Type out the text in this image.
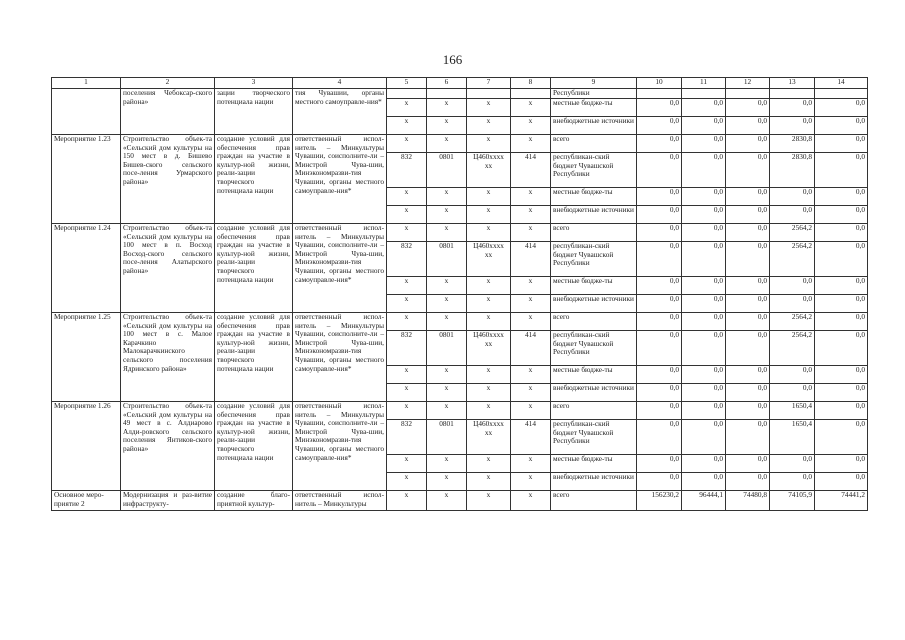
166
1	2	3	4	5	6	7	8	9	10	11	12	13	14
	поселения Чебоксар-ского района»	зации творческого потенциала нации	тия Чувашии, органы местного самоуправле-ния*					Республики					
				x	x	x	x	местные бюдже-ты	0,0	0,0	0,0	0,0	0,0
				x	x	x	x	внебюджетные источники	0,0	0,0	0,0	0,0	0,0
Мероприятие 1.23	Строительство объек-та «Сельский дом культуры на 150 мест в д. Бишево Бишев-ского сельского посе-ления Урмарского района»	создание условий для обеспечения прав граждан на участие в культур-ной жизни, реали-зации творческого потенциала нации	ответственный испол-нитель – Минкультуры Чувашии, соисполните-ли – Минстрой Чува-шии, Минэкономразви-тия Чувашии, органы местного самоуправле-ния*	x	x	x	x	всего	0,0	0,0	0,0	2830,8	0,0
				832	0801	Ц460хххх хх	414	республикан-ский бюджет Чувашской Республики	0,0	0,0	0,0	2830,8	0,0
				x	x	x	x	местные бюдже-ты	0,0	0,0	0,0	0,0	0,0
				x	x	x	x	внебюджетные источники	0,0	0,0	0,0	0,0	0,0
Мероприятие 1.24	Строительство объек-та «Сельский дом культуры на 100 мест в п. Восход Восход-ского сельского посе-ления Алатырского района»	создание условий для обеспечения прав граждан на участие в культур-ной жизни, реали-зации творческого потенциала нации	ответственный испол-нитель – Минкультуры Чувашии, соисполните-ли – Минстрой Чува-шии, Минэкономразви-тия Чувашии, органы местного самоуправле-ния*	x	x	x	x	всего	0,0	0,0	0,0	2564,2	0,0
				832	0801	Ц460хххх хх	414	республикан-ский бюджет Чувашской Республики	0,0	0,0	0,0	2564,2	0,0
				x	x	x	x	местные бюдже-ты	0,0	0,0	0,0	0,0	0,0
				x	x	x	x	внебюджетные источники	0,0	0,0	0,0	0,0	0,0
Мероприятие 1.25	Строительство объек-та «Сельский дом культуры на 100 мест в с. Малое Карачкино Малокарачкинского сельского поселения Ядринского района»	создание условий для обеспечения прав граждан на участие в культур-ной жизни, реали-зации творческого потенциала нации	ответственный испол-нитель – Минкультуры Чувашии, соисполните-ли – Минстрой Чува-шии, Минэкономразви-тия Чувашии, органы местного самоуправле-ния*	x	x	x	x	всего	0,0	0,0	0,0	2564,2	0,0
				832	0801	Ц460хххх хх	414	республикан-ский бюджет Чувашской Республики	0,0	0,0	0,0	2564,2	0,0
				x	x	x	x	местные бюдже-ты	0,0	0,0	0,0	0,0	0,0
				x	x	x	x	внебюджетные источники	0,0	0,0	0,0	0,0	0,0
Мероприятие 1.26	Строительство объек-та «Сельский дом культуры на 49 мест в с. Алдиарово Алди-ровского сельского поселения Янтиков-ского района»	создание условий для обеспечения прав граждан на участие в культур-ной жизни, реали-зации творческого потенциала нации	ответственный испол-нитель – Минкультуры Чувашии, соисполните-ли – Минстрой Чува-шии, Минэкономразви-тия Чувашии, органы местного самоуправле-ния*	x	x	x	x	всего	0,0	0,0	0,0	1650,4	0,0
				832	0801	Ц460хххх хх	414	республикан-ский бюджет Чувашской Республики	0,0	0,0	0,0	1650,4	0,0
				x	x	x	x	местные бюдже-ты	0,0	0,0	0,0	0,0	0,0
				x	x	x	x	внебюджетные источники	0,0	0,0	0,0	0,0	0,0
Основное меро-приятие 2	Модернизация и раз-витие инфраструкту-	создание благо-приятной культур-	ответственный испол-нитель – Минкультуры	x	x	x	x	всего	156230,2	96444,1	74480,8	74105,9	74441,2
